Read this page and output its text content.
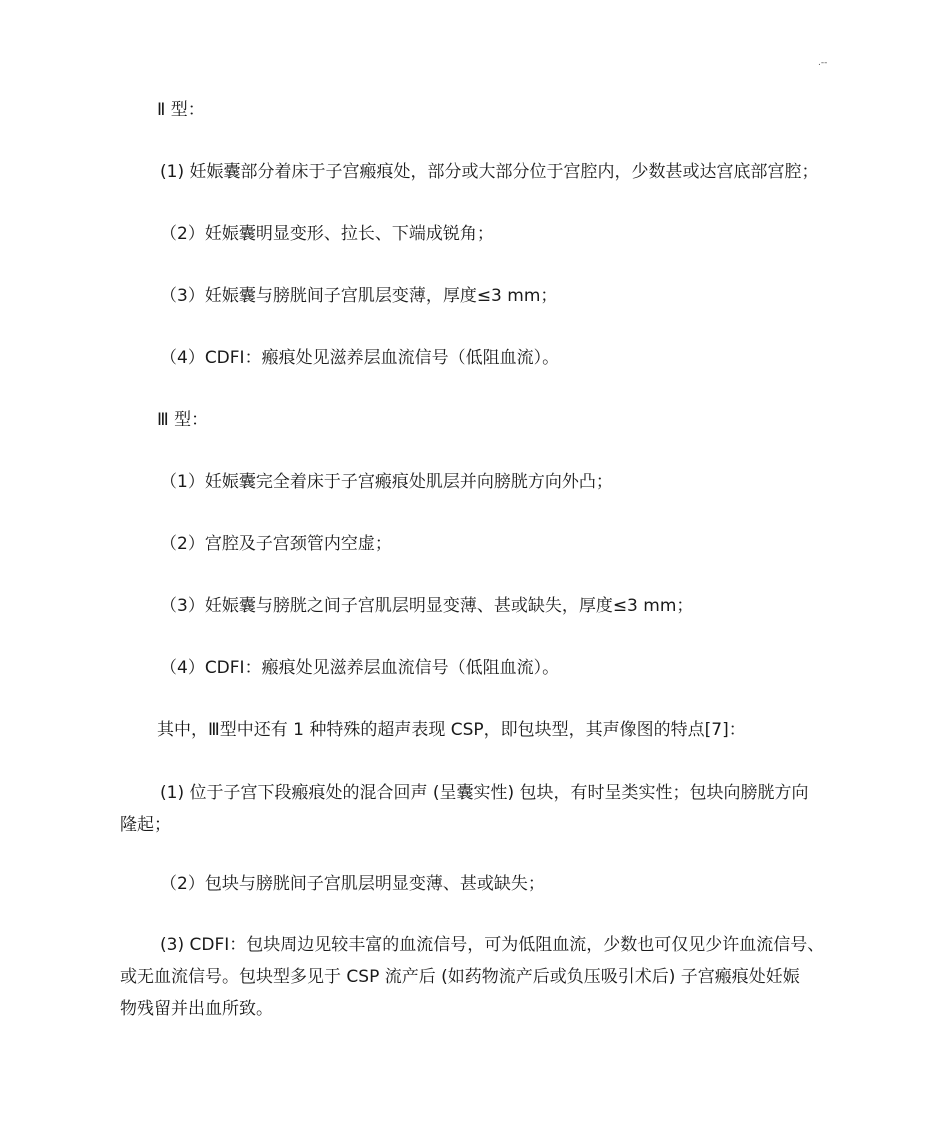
.--

Ⅱ 型：

(1) 妊娠囊部分着床于子宫瘢痕处，部分或大部分位于宫腔内，少数甚或达宫底部宫腔；

（2）妊娠囊明显变形、拉长、下端成锐角；

（3）妊娠囊与膀胱间子宫肌层变薄，厚度≤3 mm；

（4）CDFI：瘢痕处见滋养层血流信号（低阻血流）。

Ⅲ 型：

（1）妊娠囊完全着床于子宫瘢痕处肌层并向膀胱方向外凸；

（2）宫腔及子宫颈管内空虚；

（3）妊娠囊与膀胱之间子宫肌层明显变薄、甚或缺失，厚度≤3 mm；

（4）CDFI：瘢痕处见滋养层血流信号（低阻血流）。

其中，Ⅲ型中还有 1 种特殊的超声表现 CSP，即包块型，其声像图的特点[7]：

(1) 位于子宫下段瘢痕处的混合回声 (呈囊实性) 包块，有时呈类实性；包块向膀胱方向
隆起；

（2）包块与膀胱间子宫肌层明显变薄、甚或缺失；

(3) CDFI：包块周边见较丰富的血流信号，可为低阻血流，少数也可仅见少许血流信号、
或无血流信号。包块型多见于 CSP 流产后 (如药物流产后或负压吸引术后) 子宫瘢痕处妊娠
物残留并出血所致。
